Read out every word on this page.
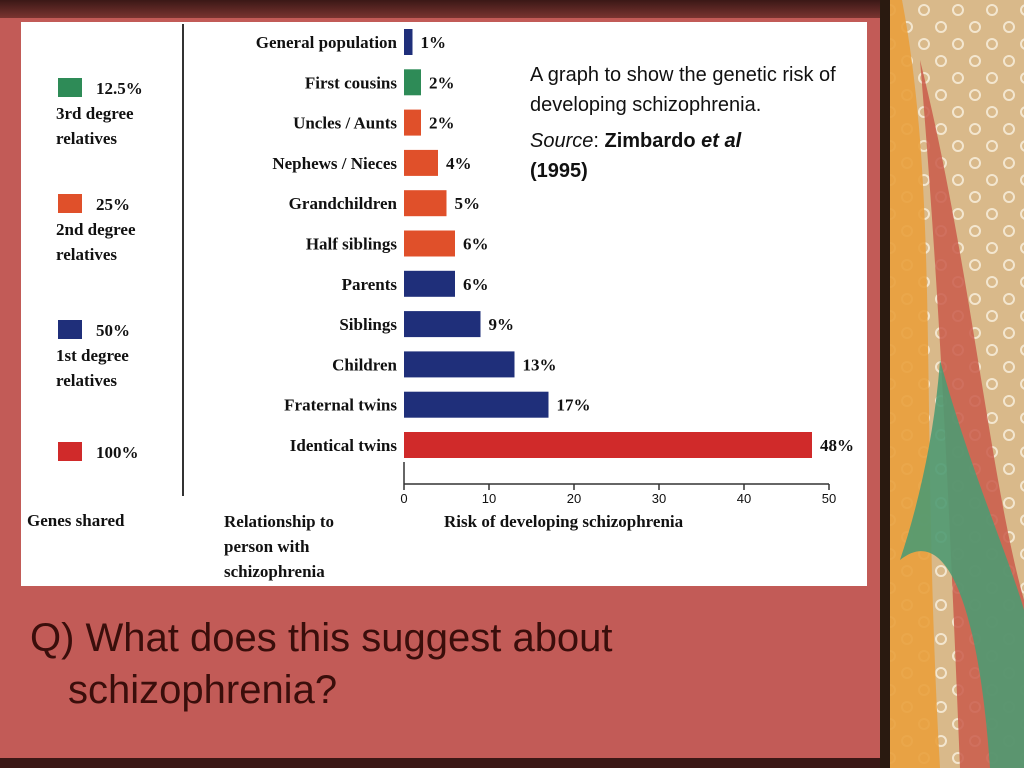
12.5%
3rd degree
relatives
25%
2nd degree
relatives
50%
1st degree
relatives
100%
General population
First cousins
Uncles / Aunts
Nephews / Nieces
Grandchildren
Half siblings
Parents
Siblings
Children
Fraternal twins
Identical twins
1%
2%
2%
4%
5%
6%
6%
9%
13%
17%
48%
0	10	20	30	40	50
Genes shared	Relationship to person with schizophrenia
Risk of developing schizophrenia

A graph to show the genetic risk of developing schizophrenia.

Source: Zimbardo et al
(1995)

Q) What does this suggest about
schizophrenia?
